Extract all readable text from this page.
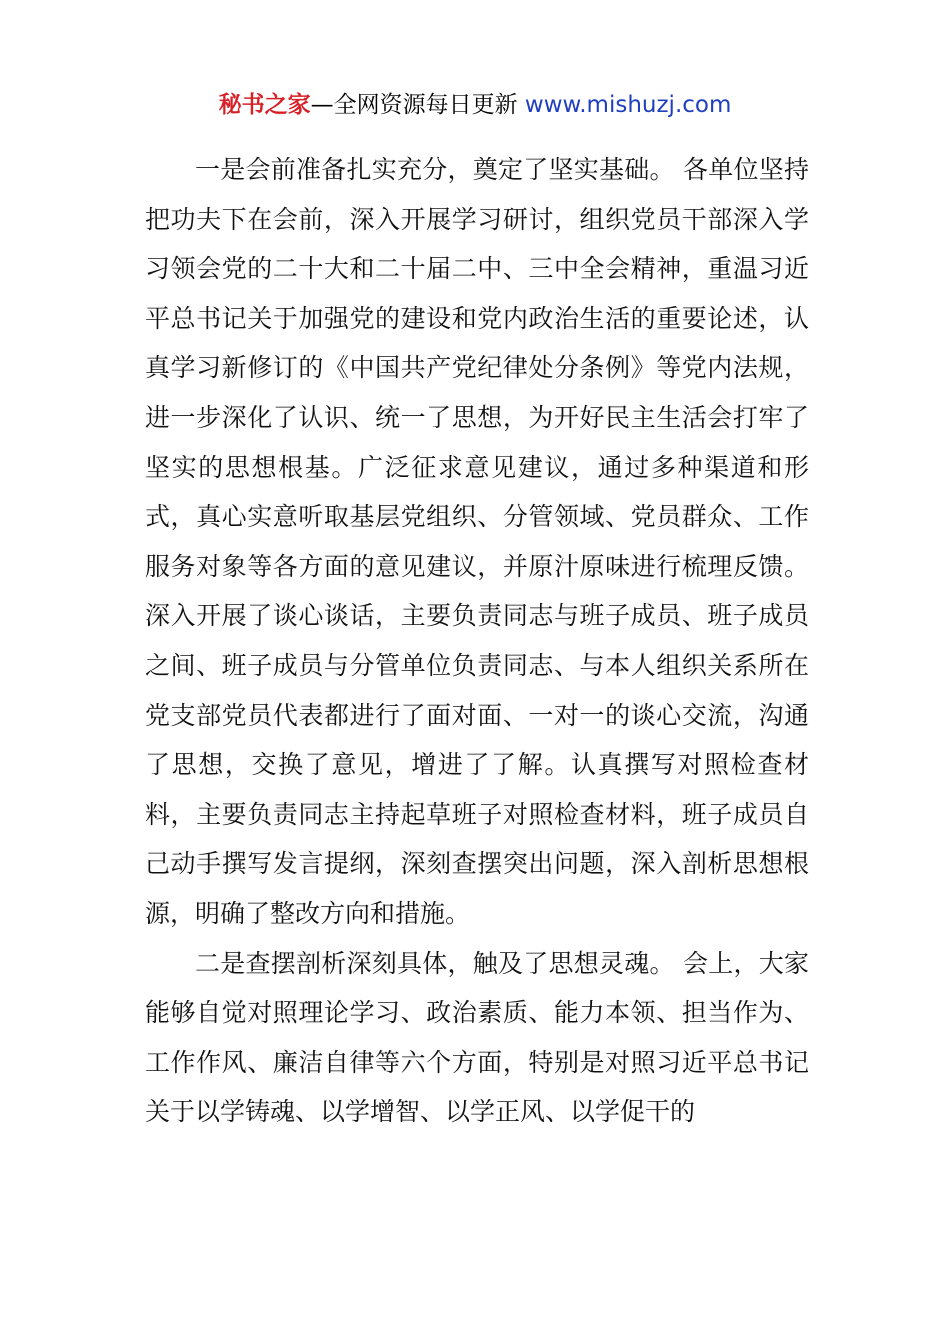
秘书之家—全网资源每日更新 www.mishuzj.com

一是会前准备扎实充分，奠定了坚实基础。 各单位坚持把功夫下在会前，深入开展学习研讨，组织党员干部深入学习领会党的二十大和二十届二中、三中全会精神，重温习近平总书记关于加强党的建设和党内政治生活的重要论述，认真学习新修订的《中国共产党纪律处分条例》等党内法规，进一步深化了认识、统一了思想，为开好民主生活会打牢了坚实的思想根基。广泛征求意见建议，通过多种渠道和形式，真心实意听取基层党组织、分管领域、党员群众、工作服务对象等各方面的意见建议，并原汁原味进行梳理反馈。深入开展了谈心谈话，主要负责同志与班子成员、班子成员之间、班子成员与分管单位负责同志、与本人组织关系所在党支部党员代表都进行了面对面、一对一的谈心交流，沟通了思想，交换了意见，增进了了解。认真撰写对照检查材料，主要负责同志主持起草班子对照检查材料，班子成员自己动手撰写发言提纲，深刻查摆突出问题，深入剖析思想根源，明确了整改方向和措施。

二是查摆剖析深刻具体，触及了思想灵魂。 会上，大家能够自觉对照理论学习、政治素质、能力本领、担当作为、工作作风、廉洁自律等六个方面，特别是对照习近平总书记关于以学铸魂、以学增智、以学正风、以学促干的
